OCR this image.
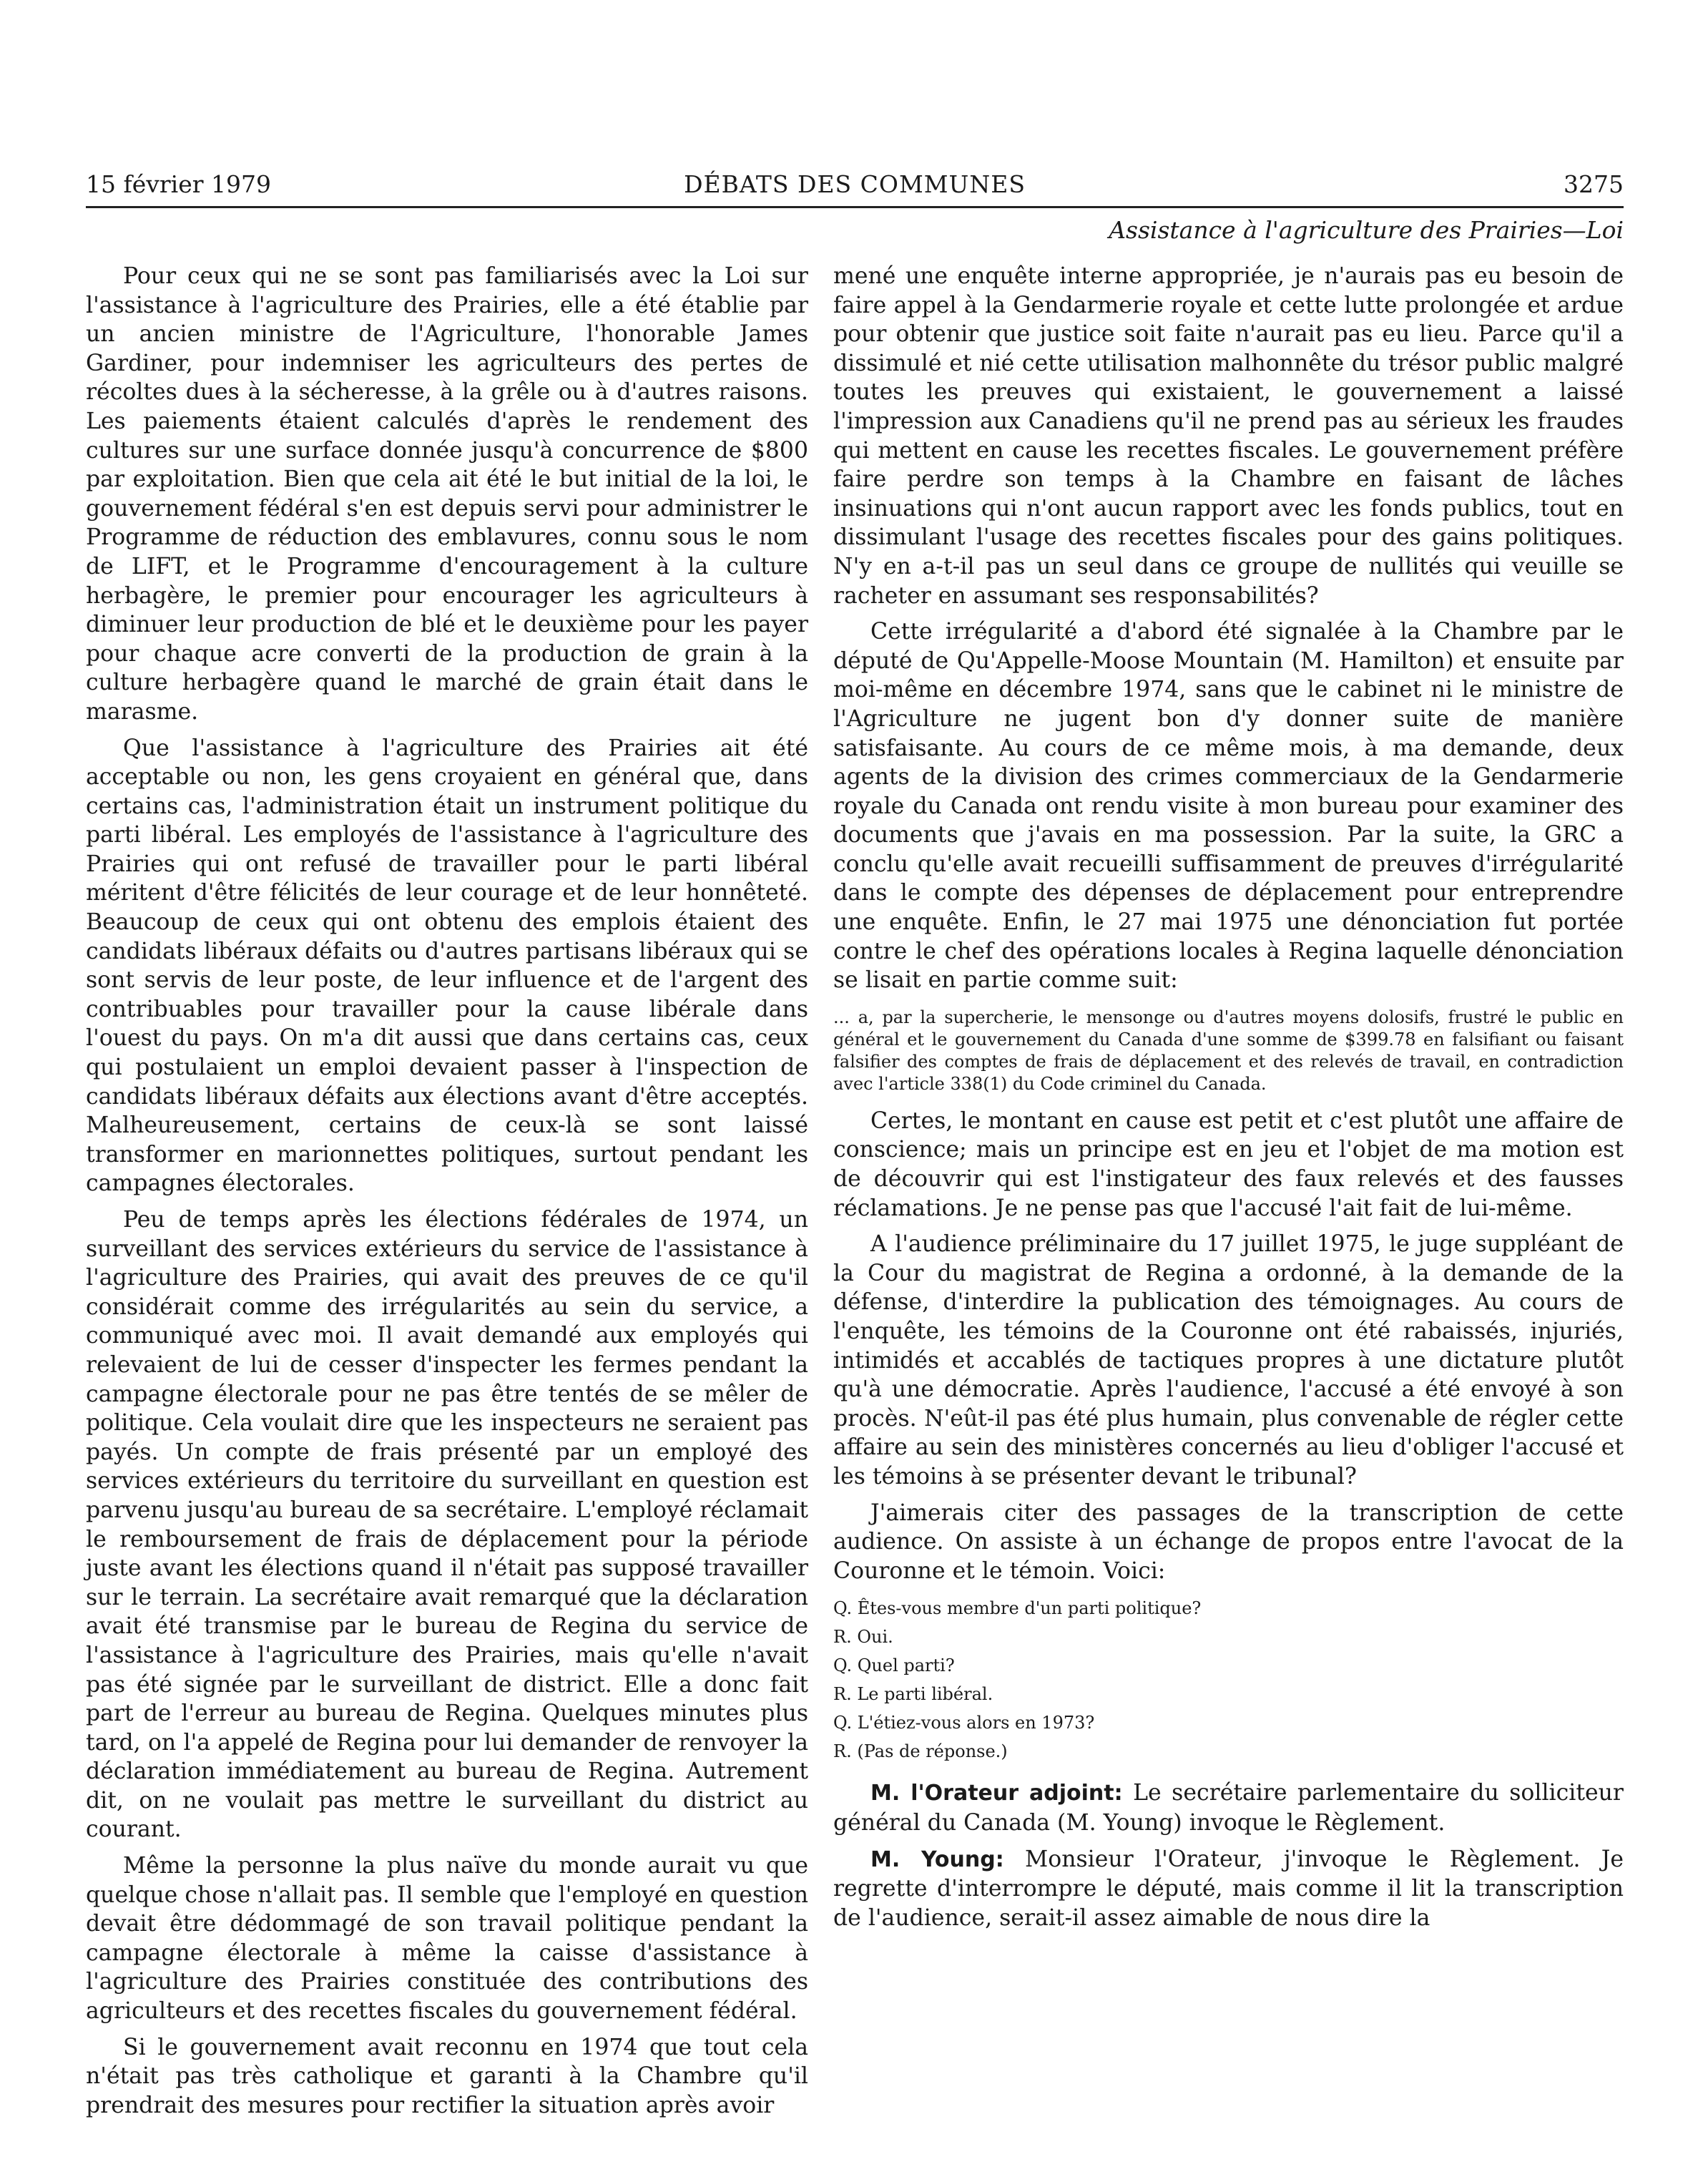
15 février 1979	DÉBATS DES COMMUNES	3275
Assistance à l'agriculture des Prairies—Loi

Pour ceux qui ne se sont pas familiarisés avec la Loi sur l'assistance à l'agriculture des Prairies, elle a été établie par un ancien ministre de l'Agriculture, l'honorable James Gardiner, pour indemniser les agriculteurs des pertes de récoltes dues à la sécheresse, à la grêle ou à d'autres raisons. Les paiements étaient calculés d'après le rendement des cultures sur une surface donnée jusqu'à concurrence de $800 par exploitation. Bien que cela ait été le but initial de la loi, le gouvernement fédéral s'en est depuis servi pour administrer le Programme de réduction des emblavures, connu sous le nom de LIFT, et le Programme d'encouragement à la culture herbagère, le premier pour encourager les agriculteurs à diminuer leur production de blé et le deuxième pour les payer pour chaque acre converti de la production de grain à la culture herbagère quand le marché de grain était dans le marasme.

Que l'assistance à l'agriculture des Prairies ait été acceptable ou non, les gens croyaient en général que, dans certains cas, l'administration était un instrument politique du parti libéral. Les employés de l'assistance à l'agriculture des Prairies qui ont refusé de travailler pour le parti libéral méritent d'être félicités de leur courage et de leur honnêteté. Beaucoup de ceux qui ont obtenu des emplois étaient des candidats libéraux défaits ou d'autres partisans libéraux qui se sont servis de leur poste, de leur influence et de l'argent des contribuables pour travailler pour la cause libérale dans l'ouest du pays. On m'a dit aussi que dans certains cas, ceux qui postulaient un emploi devaient passer à l'inspection de candidats libéraux défaits aux élections avant d'être acceptés. Malheureusement, certains de ceux-là se sont laissé transformer en marionnettes politiques, surtout pendant les campagnes électorales.

Peu de temps après les élections fédérales de 1974, un surveillant des services extérieurs du service de l'assistance à l'agriculture des Prairies, qui avait des preuves de ce qu'il considérait comme des irrégularités au sein du service, a communiqué avec moi. Il avait demandé aux employés qui relevaient de lui de cesser d'inspecter les fermes pendant la campagne électorale pour ne pas être tentés de se mêler de politique. Cela voulait dire que les inspecteurs ne seraient pas payés. Un compte de frais présenté par un employé des services extérieurs du territoire du surveillant en question est parvenu jusqu'au bureau de sa secrétaire. L'employé réclamait le remboursement de frais de déplacement pour la période juste avant les élections quand il n'était pas supposé travailler sur le terrain. La secrétaire avait remarqué que la déclaration avait été transmise par le bureau de Regina du service de l'assistance à l'agriculture des Prairies, mais qu'elle n'avait pas été signée par le surveillant de district. Elle a donc fait part de l'erreur au bureau de Regina. Quelques minutes plus tard, on l'a appelé de Regina pour lui demander de renvoyer la déclaration immédiatement au bureau de Regina. Autrement dit, on ne voulait pas mettre le surveillant du district au courant.

Même la personne la plus naïve du monde aurait vu que quelque chose n'allait pas. Il semble que l'employé en question devait être dédommagé de son travail politique pendant la campagne électorale à même la caisse d'assistance à l'agriculture des Prairies constituée des contributions des agriculteurs et des recettes fiscales du gouvernement fédéral.

Si le gouvernement avait reconnu en 1974 que tout cela n'était pas très catholique et garanti à la Chambre qu'il prendrait des mesures pour rectifier la situation après avoir

mené une enquête interne appropriée, je n'aurais pas eu besoin de faire appel à la Gendarmerie royale et cette lutte prolongée et ardue pour obtenir que justice soit faite n'aurait pas eu lieu. Parce qu'il a dissimulé et nié cette utilisation malhonnête du trésor public malgré toutes les preuves qui existaient, le gouvernement a laissé l'impression aux Canadiens qu'il ne prend pas au sérieux les fraudes qui mettent en cause les recettes fiscales. Le gouvernement préfère faire perdre son temps à la Chambre en faisant de lâches insinuations qui n'ont aucun rapport avec les fonds publics, tout en dissimulant l'usage des recettes fiscales pour des gains politiques. N'y en a-t-il pas un seul dans ce groupe de nullités qui veuille se racheter en assumant ses responsabilités?

Cette irrégularité a d'abord été signalée à la Chambre par le député de Qu'Appelle-Moose Mountain (M. Hamilton) et ensuite par moi-même en décembre 1974, sans que le cabinet ni le ministre de l'Agriculture ne jugent bon d'y donner suite de manière satisfaisante. Au cours de ce même mois, à ma demande, deux agents de la division des crimes commerciaux de la Gendarmerie royale du Canada ont rendu visite à mon bureau pour examiner des documents que j'avais en ma possession. Par la suite, la GRC a conclu qu'elle avait recueilli suffisamment de preuves d'irrégularité dans le compte des dépenses de déplacement pour entreprendre une enquête. Enfin, le 27 mai 1975 une dénonciation fut portée contre le chef des opérations locales à Regina laquelle dénonciation se lisait en partie comme suit:

... a, par la supercherie, le mensonge ou d'autres moyens dolosifs, frustré le public en général et le gouvernement du Canada d'une somme de $399.78 en falsifiant ou faisant falsifier des comptes de frais de déplacement et des relevés de travail, en contradiction avec l'article 338(1) du Code criminel du Canada.

Certes, le montant en cause est petit et c'est plutôt une affaire de conscience; mais un principe est en jeu et l'objet de ma motion est de découvrir qui est l'instigateur des faux relevés et des fausses réclamations. Je ne pense pas que l'accusé l'ait fait de lui-même.

A l'audience préliminaire du 17 juillet 1975, le juge suppléant de la Cour du magistrat de Regina a ordonné, à la demande de la défense, d'interdire la publication des témoignages. Au cours de l'enquête, les témoins de la Couronne ont été rabaissés, injuriés, intimidés et accablés de tactiques propres à une dictature plutôt qu'à une démocratie. Après l'audience, l'accusé a été envoyé à son procès. N'eût-il pas été plus humain, plus convenable de régler cette affaire au sein des ministères concernés au lieu d'obliger l'accusé et les témoins à se présenter devant le tribunal?

J'aimerais citer des passages de la transcription de cette audience. On assiste à un échange de propos entre l'avocat de la Couronne et le témoin. Voici:

Q. Êtes-vous membre d'un parti politique?

R. Oui.

Q. Quel parti?

R. Le parti libéral.

Q. L'étiez-vous alors en 1973?

R. (Pas de réponse.)

M. l'Orateur adjoint: Le secrétaire parlementaire du solliciteur général du Canada (M. Young) invoque le Règlement.

M. Young: Monsieur l'Orateur, j'invoque le Règlement. Je regrette d'interrompre le député, mais comme il lit la transcription de l'audience, serait-il assez aimable de nous dire la
